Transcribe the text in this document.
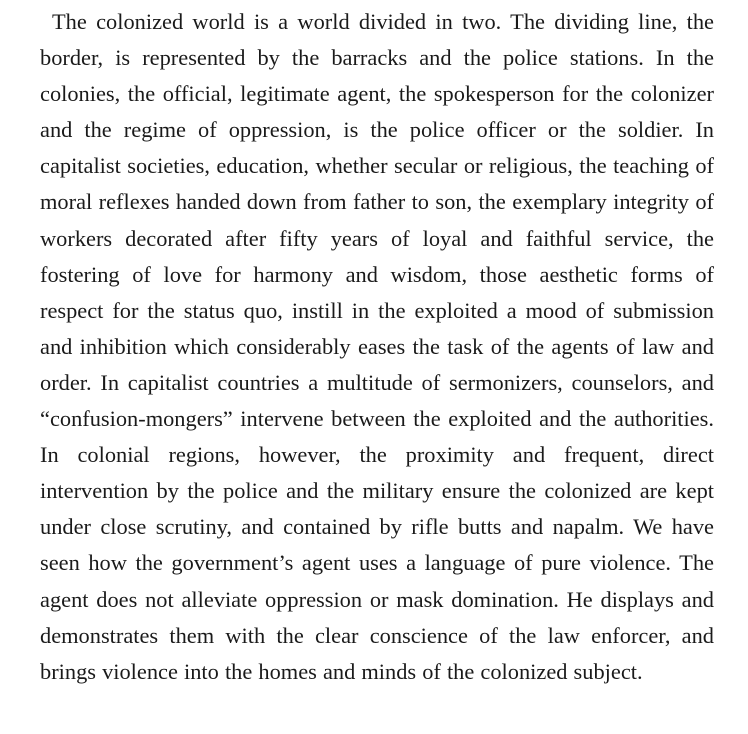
The colonized world is a world divided in two. The dividing line, the border, is represented by the barracks and the police stations. In the colonies, the official, legitimate agent, the spokesperson for the colonizer and the regime of oppression, is the police officer or the soldier. In capitalist societies, education, whether secular or religious, the teaching of moral reflexes handed down from father to son, the exemplary integrity of workers decorated after fifty years of loyal and faithful service, the fostering of love for harmony and wisdom, those aesthetic forms of respect for the status quo, instill in the exploited a mood of submission and inhibition which considerably eases the task of the agents of law and order. In capitalist countries a multitude of sermonizers, counselors, and “confusion-mongers” intervene between the exploited and the authorities. In colonial regions, however, the proximity and frequent, direct intervention by the police and the military ensure the colonized are kept under close scrutiny, and contained by rifle butts and napalm. We have seen how the government’s agent uses a language of pure violence. The agent does not alleviate oppression or mask domination. He displays and demonstrates them with the clear conscience of the law enforcer, and brings violence into the homes and minds of the colonized subject.
